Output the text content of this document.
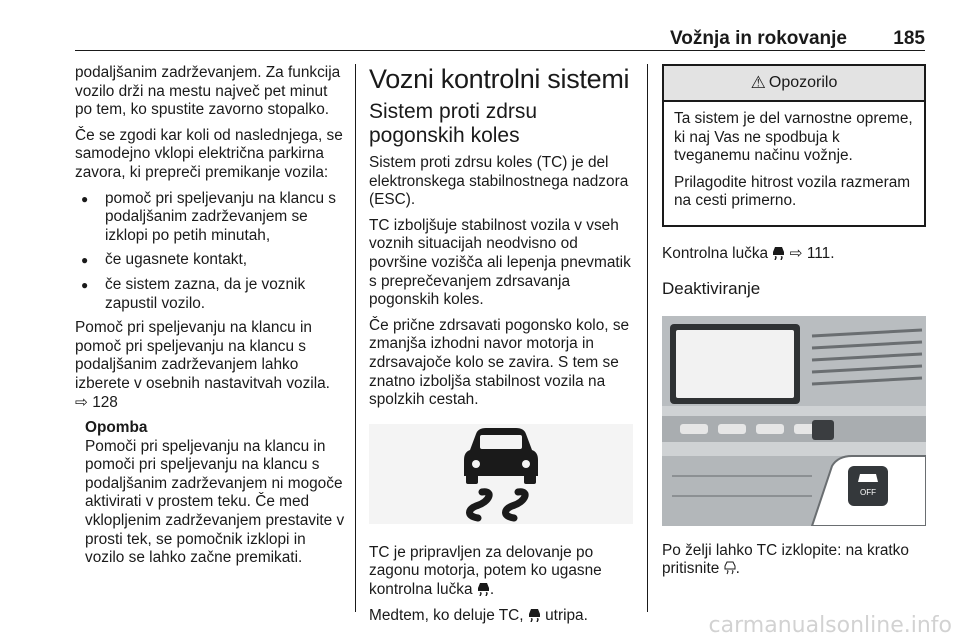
Vožnja in rokovanje 185

podaljšanim zadrževanjem. Za funkcija vozilo drži na mestu največ pet minut po tem, ko spustite zavorno stopalko.

Če se zgodi kar koli od naslednjega, se samodejno vklopi električna parkirna zavora, ki prepreči premikanje vozila:

● pomoč pri speljevanju na klancu s podaljšanim zadrževanjem se izklopi po petih minutah,
● če ugasnete kontakt,
● če sistem zazna, da je voznik zapustil vozilo.

Pomoč pri speljevanju na klancu in pomoč pri speljevanju na klancu s podaljšanim zadrževanjem lahko izberete v osebnih nastavitvah vozila.
⇨ 128

Opomba
Pomoči pri speljevanju na klancu in pomoči pri speljevanju na klancu s podaljšanim zadrževanjem ni mogoče aktivirati v prostem teku. Če med vklopljenim zadrževanjem prestavite v prosti tek, se pomočnik izklopi in vozilo se lahko začne premikati.
Vozni kontrolni sistemi
Sistem proti zdrsu pogonskih koles

Sistem proti zdrsu koles (TC) je del elektronskega stabilnostnega nadzora (ESC).

TC izboljšuje stabilnost vozila v vseh voznih situacijah neodvisno od površine vozišča ali lepenja pnevmatik s preprečevanjem zdrsavanja pogonskih koles.

Če prične zdrsavati pogonsko kolo, se zmanjša izhodni navor motorja in zdrsavajoče kolo se zavira. S tem se znatno izboljša stabilnost vozila na spolzkih cestah.

TC je pripravljen za delovanje po zagonu motorja, potem ko ugasne kontrolna lučka .

Medtem, ko deluje TC, utripa.

⚠ Opozorilo

Ta sistem je del varnostne opreme, ki naj Vas ne spodbuja k tveganemu načinu vožnje.

Prilagodite hitrost vozila razmeram na cesti primerno.

Kontrolna lučka ⇨ 111.

Deaktiviranje
OFF

Po želji lahko TC izklopite: na kratko pritisnite .

carmanualsonline.info
